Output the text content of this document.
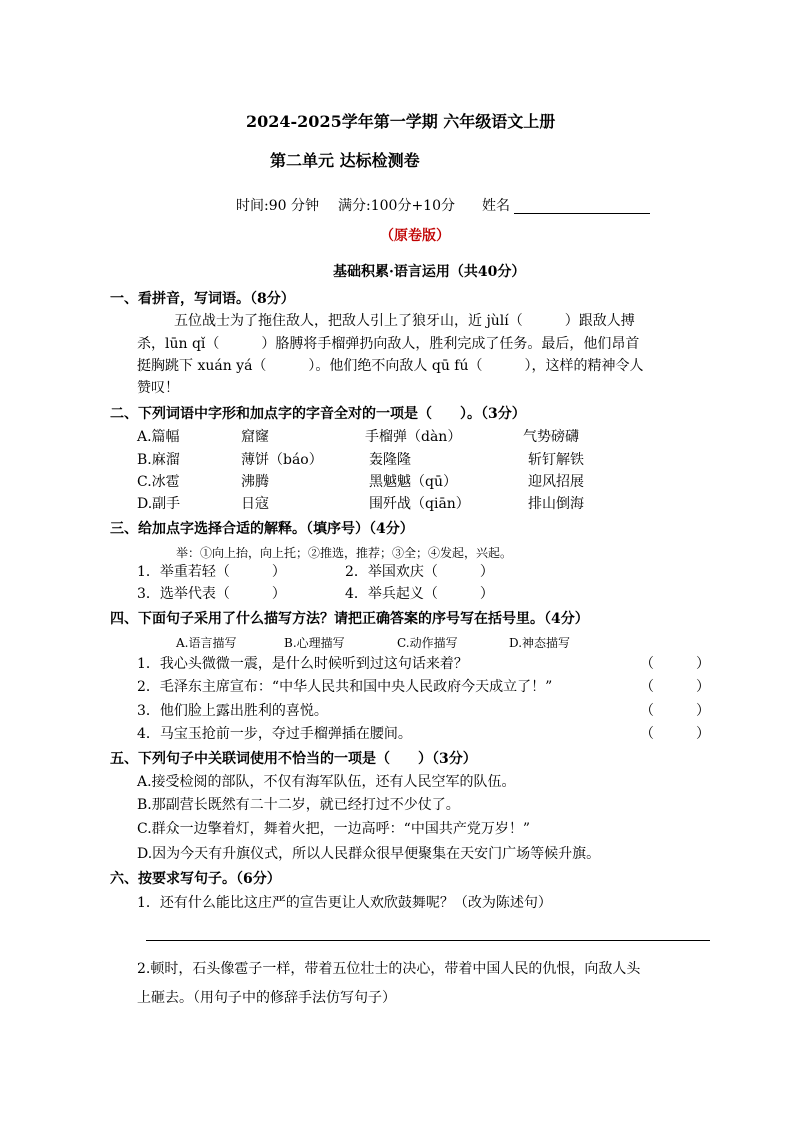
2024-2025学年第一学期 六年级语文上册
第二单元 达标检测卷
时间:90 分钟 满分:100分+10分 姓名
（原卷版）
基础积累·语言运用（共40分）
一、看拼音，写词语。（8分）
五位战士为了拖住敌人，把敌人引上了狼牙山，近 jùlí（　　　）跟敌人搏
杀，lūn qǐ（　　　）胳膊将手榴弹扔向敌人，胜利完成了任务。最后，他们昂首
挺胸跳下 xuán yá（　　　）。他们绝不向敌人 qū fú（　　　），这样的精神令人
赞叹！
二、下列词语中字形和加点字的字音全对的一项是（　　）。（3分）
A.篇幅	窟窿	手榴弹（dàn）	气势磅礴
B.麻溜	薄饼（báo）	轰隆隆	斩钉解铁
C.冰雹	沸腾	黑魆魆（qū）	迎风招展
D.副手	日寇	围歼战（qiān）	排山倒海
三、给加点字选择合适的解释。（填序号）（4分）
举：①向上抬，向上托；②推选，推荐；③全；④发起，兴起。
1．举重若轻（　　　）	2．举国欢庆（　　　）
3．选举代表（　　　）	4．举兵起义（　　　）
四、下面句子采用了什么描写方法？请把正确答案的序号写在括号里。（4分）
A.语言描写	B.心理描写	C.动作描写	D.神态描写
1．我心头微微一震，是什么时候听到过这句话来着？	（　　　）
2．毛泽东主席宣布：“中华人民共和国中央人民政府今天成立了！”	（　　　）
3．他们脸上露出胜利的喜悦。	（　　　）
4．马宝玉抢前一步，夺过手榴弹插在腰间。	（　　　）
五、下列句子中关联词使用不恰当的一项是（　　）（3分）
A.接受检阅的部队，不仅有海军队伍，还有人民空军的队伍。
B.那副营长既然有二十二岁，就已经打过不少仗了。
C.群众一边擎着灯，舞着火把，一边高呼：“中国共产党万岁！”
D.因为今天有升旗仪式，所以人民群众很早便聚集在天安门广场等候升旗。
六、按要求写句子。（6分）
1．还有什么能比这庄严的宣告更让人欢欣鼓舞呢？（改为陈述句）
2.顿时，石头像雹子一样，带着五位壮士的决心，带着中国人民的仇恨，向敌人头
上砸去。（用句子中的修辞手法仿写句子）
